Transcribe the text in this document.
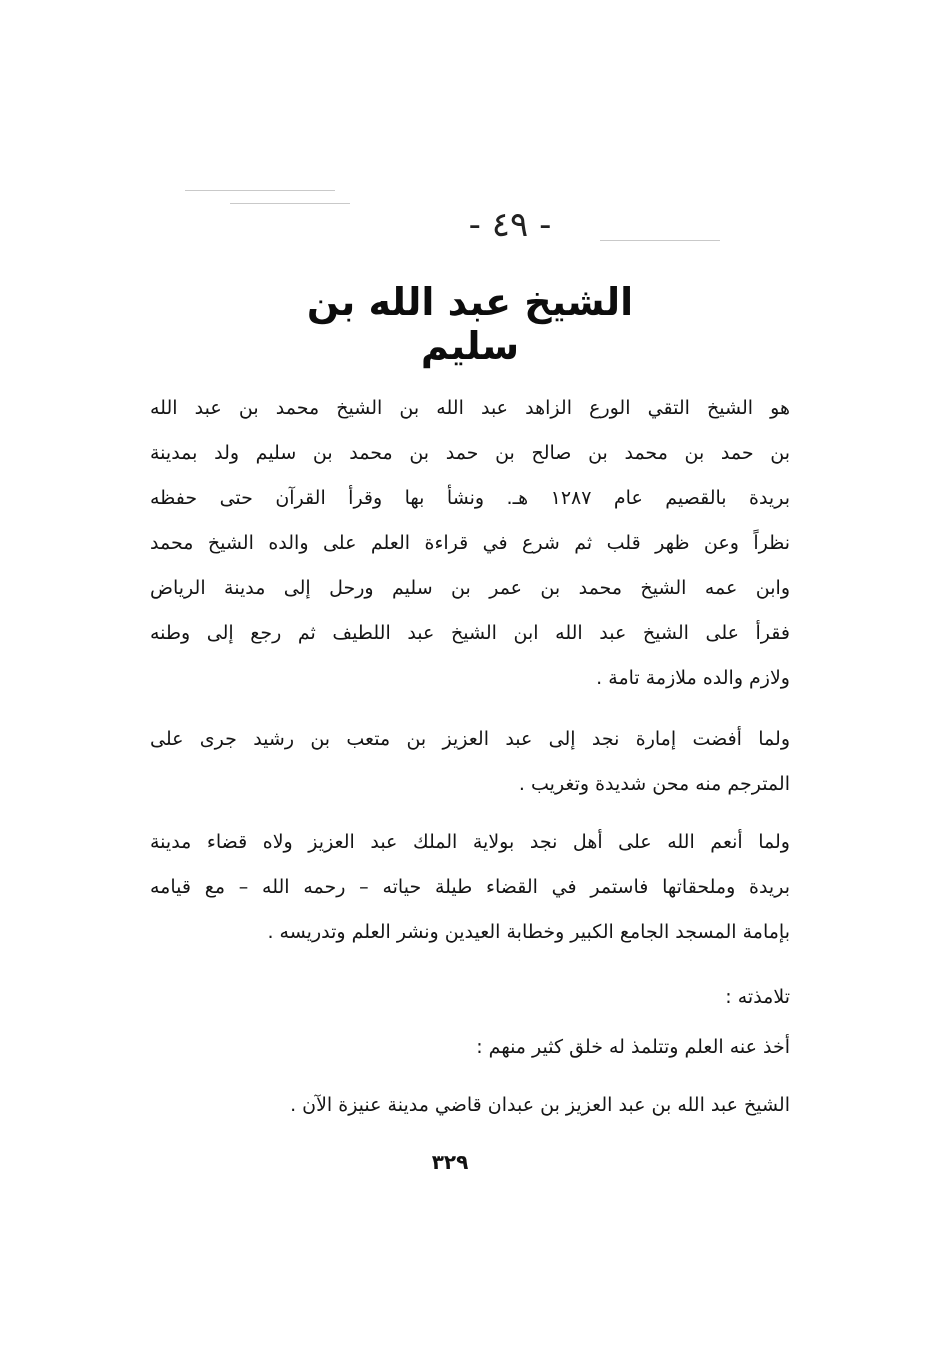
- ٤٩ -
الشيخ عبد الله بن سليم
هو الشيخ التقي الورع الزاهد عبد الله بن الشيخ محمد بن عبد الله
بن حمد بن محمد بن صالح بن حمد بن محمد بن سليم ولد بمدينة
بريدة بالقصيم عام ١٢٨٧ هـ. ونشأ بها وقرأ القرآن حتى حفظه
نظراً وعن ظهر قلب ثم شرع في قراءة العلم على والده الشيخ محمد
وابن عمه الشيخ محمد بن عمر بن سليم ورحل إلى مدينة الرياض
فقرأ على الشيخ عبد الله ابن الشيخ عبد اللطيف ثم رجع إلى وطنه
ولازم والده ملازمة تامة .
ولما أفضت إمارة نجد إلى عبد العزيز بن متعب بن رشيد جرى على
المترجم منه محن شديدة وتغريب .
ولما أنعم الله على أهل نجد بولاية الملك عبد العزيز ولاه قضاء مدينة
بريدة وملحقاتها فاستمر في القضاء طيلة حياته – رحمه الله – مع قيامه
بإمامة المسجد الجامع الكبير وخطابة العيدين ونشر العلم وتدريسه .
تلامذته :
أخذ عنه العلم وتتلمذ له خلق كثير منهم :
الشيخ عبد الله بن عبد العزيز بن عبدان قاضي مدينة عنيزة الآن .
٣٢٩
